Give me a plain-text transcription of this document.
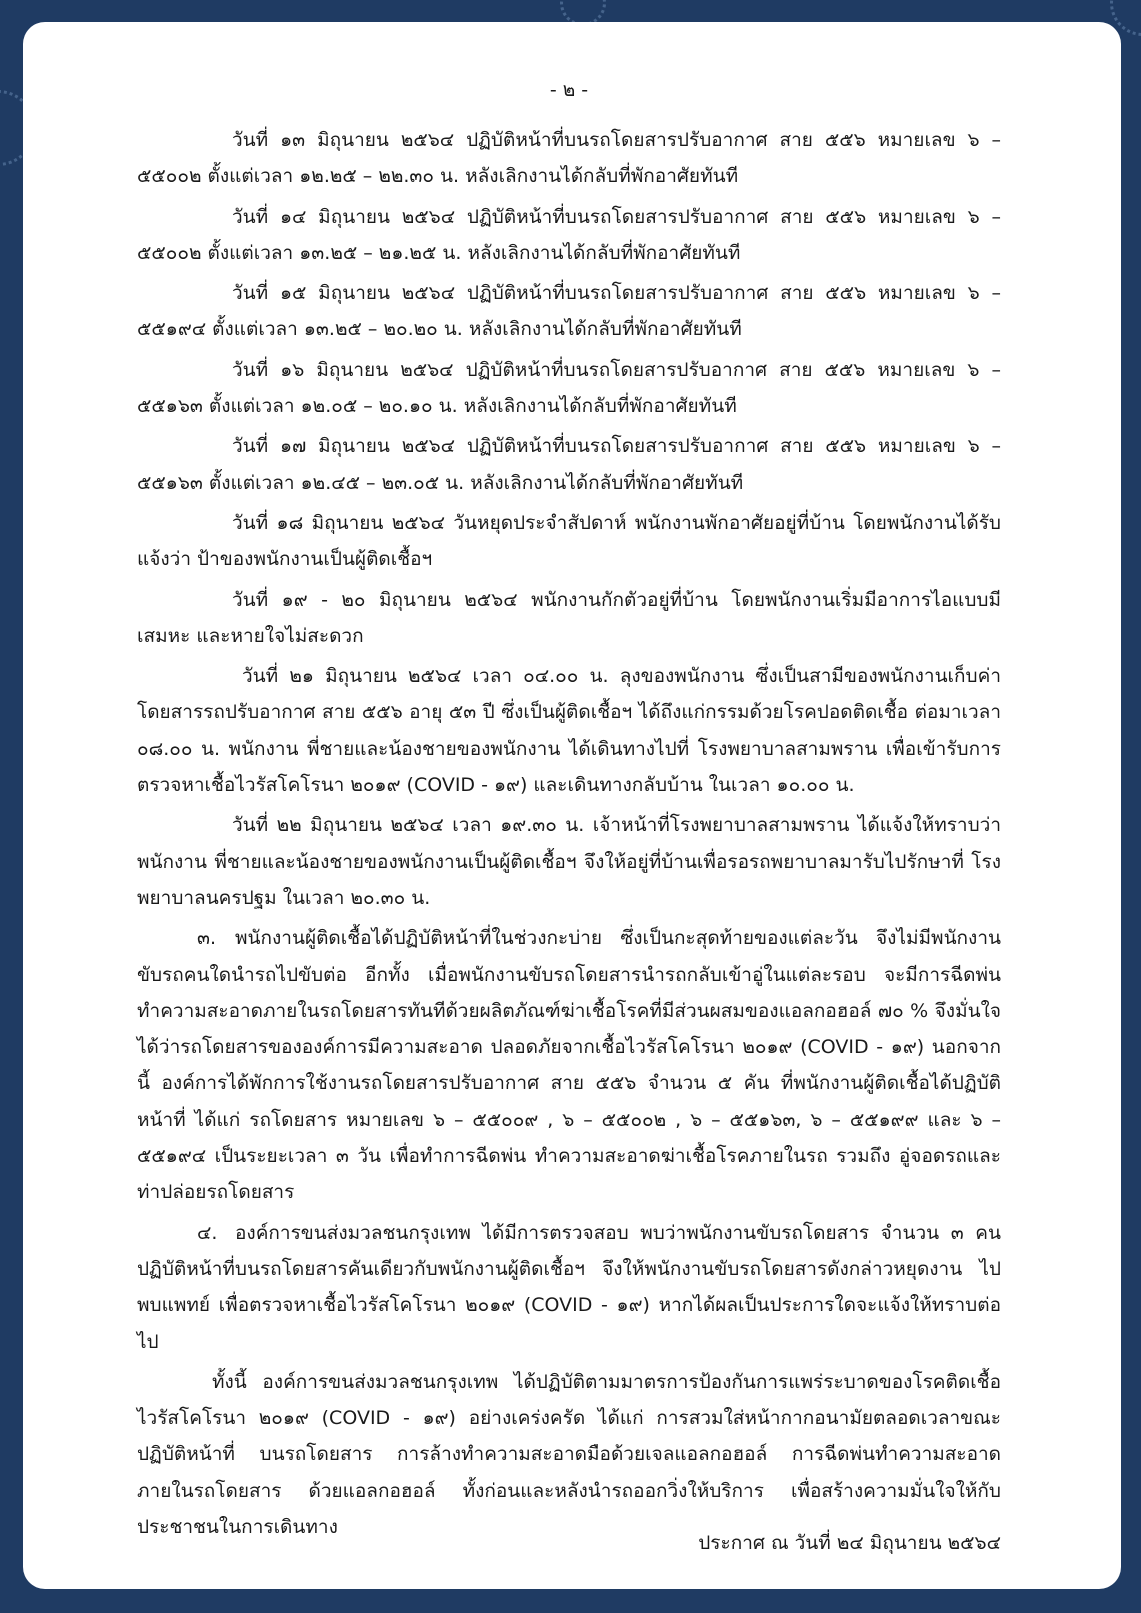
- ๒ -

วันที่ ๑๓ มิถุนายน ๒๕๖๔ ปฏิบัติหน้าที่บนรถโดยสารปรับอากาศ สาย ๕๕๖ หมายเลข ๖ – ๕๕๐๐๒ ตั้งแต่เวลา ๑๒.๒๕ – ๒๒.๓๐ น. หลังเลิกงานได้กลับที่พักอาศัยทันที

วันที่ ๑๔ มิถุนายน ๒๕๖๔ ปฏิบัติหน้าที่บนรถโดยสารปรับอากาศ สาย ๕๕๖ หมายเลข ๖ – ๕๕๐๐๒ ตั้งแต่เวลา ๑๓.๒๕ – ๒๑.๒๕ น. หลังเลิกงานได้กลับที่พักอาศัยทันที

วันที่ ๑๕ มิถุนายน ๒๕๖๔ ปฏิบัติหน้าที่บนรถโดยสารปรับอากาศ สาย ๕๕๖ หมายเลข ๖ – ๕๕๑๙๔ ตั้งแต่เวลา ๑๓.๒๕ – ๒๐.๒๐ น. หลังเลิกงานได้กลับที่พักอาศัยทันที

วันที่ ๑๖ มิถุนายน ๒๕๖๔ ปฏิบัติหน้าที่บนรถโดยสารปรับอากาศ สาย ๕๕๖ หมายเลข ๖ – ๕๕๑๖๓ ตั้งแต่เวลา ๑๒.๐๕ – ๒๐.๑๐ น. หลังเลิกงานได้กลับที่พักอาศัยทันที

วันที่ ๑๗ มิถุนายน ๒๕๖๔ ปฏิบัติหน้าที่บนรถโดยสารปรับอากาศ สาย ๕๕๖ หมายเลข ๖ – ๕๕๑๖๓ ตั้งแต่เวลา ๑๒.๔๕ – ๒๓.๐๕ น. หลังเลิกงานได้กลับที่พักอาศัยทันที

วันที่ ๑๘ มิถุนายน ๒๕๖๔ วันหยุดประจำสัปดาห์ พนักงานพักอาศัยอยู่ที่บ้าน โดยพนักงานได้รับแจ้งว่า ป้าของพนักงานเป็นผู้ติดเชื้อฯ

วันที่ ๑๙ - ๒๐ มิถุนายน ๒๕๖๔ พนักงานกักตัวอยู่ที่บ้าน โดยพนักงานเริ่มมีอาการไอแบบมีเสมหะ และหายใจไม่สะดวก

วันที่ ๒๑ มิถุนายน ๒๕๖๔ เวลา ๐๔.๐๐ น. ลุงของพนักงาน ซึ่งเป็นสามีของพนักงานเก็บค่าโดยสารรถปรับอากาศ สาย ๕๕๖ อายุ ๕๓ ปี ซึ่งเป็นผู้ติดเชื้อฯ ได้ถึงแก่กรรมด้วยโรคปอดติดเชื้อ ต่อมาเวลา ๐๘.๐๐ น. พนักงาน พี่ชายและน้องชายของพนักงาน ได้เดินทางไปที่ โรงพยาบาลสามพราน เพื่อเข้ารับการตรวจหาเชื้อไวรัสโคโรนา ๒๐๑๙ (COVID - ๑๙) และเดินทางกลับบ้าน ในเวลา ๑๐.๐๐ น.

วันที่ ๒๒ มิถุนายน ๒๕๖๔ เวลา ๑๙.๓๐ น. เจ้าหน้าที่โรงพยาบาลสามพราน ได้แจ้งให้ทราบว่า พนักงาน พี่ชายและน้องชายของพนักงานเป็นผู้ติดเชื้อฯ จึงให้อยู่ที่บ้านเพื่อรอรถพยาบาลมารับไปรักษาที่ โรงพยาบาลนครปฐม ในเวลา ๒๐.๓๐ น.

๓. พนักงานผู้ติดเชื้อได้ปฏิบัติหน้าที่ในช่วงกะบ่าย ซึ่งเป็นกะสุดท้ายของแต่ละวัน จึงไม่มีพนักงานขับรถคนใดนำรถไปขับต่อ อีกทั้ง เมื่อพนักงานขับรถโดยสารนำรถกลับเข้าอู่ในแต่ละรอบ จะมีการฉีดพ่นทำความสะอาดภายในรถโดยสารทันทีด้วยผลิตภัณฑ์ฆ่าเชื้อโรคที่มีส่วนผสมของแอลกอฮอล์ ๗๐ % จึงมั่นใจได้ว่ารถโดยสารขององค์การมีความสะอาด ปลอดภัยจากเชื้อไวรัสโคโรนา ๒๐๑๙ (COVID - ๑๙) นอกจากนี้ องค์การได้พักการใช้งานรถโดยสารปรับอากาศ สาย ๕๕๖ จำนวน ๕ คัน ที่พนักงานผู้ติดเชื้อได้ปฏิบัติหน้าที่ ได้แก่ รถโดยสาร หมายเลข ๖ – ๕๕๐๐๙ , ๖ – ๕๕๐๐๒ , ๖ – ๕๕๑๖๓, ๖ – ๕๕๑๙๙ และ ๖ – ๕๕๑๙๔ เป็นระยะเวลา ๓ วัน เพื่อทำการฉีดพ่น ทำความสะอาดฆ่าเชื้อโรคภายในรถ รวมถึง อู่จอดรถและท่าปล่อยรถโดยสาร

๔. องค์การขนส่งมวลชนกรุงเทพ ได้มีการตรวจสอบ พบว่าพนักงานขับรถโดยสาร จำนวน ๓ คน ปฏิบัติหน้าที่บนรถโดยสารคันเดียวกับพนักงานผู้ติดเชื้อฯ จึงให้พนักงานขับรถโดยสารดังกล่าวหยุดงาน ไปพบแพทย์ เพื่อตรวจหาเชื้อไวรัสโคโรนา ๒๐๑๙ (COVID - ๑๙) หากได้ผลเป็นประการใดจะแจ้งให้ทราบต่อไป

ทั้งนี้ องค์การขนส่งมวลชนกรุงเทพ ได้ปฏิบัติตามมาตรการป้องกันการแพร่ระบาดของโรคติดเชื้อไวรัสโคโรนา ๒๐๑๙ (COVID - ๑๙) อย่างเคร่งครัด ได้แก่ การสวมใส่หน้ากากอนามัยตลอดเวลาขณะปฏิบัติหน้าที่ บนรถโดยสาร การล้างทำความสะอาดมือด้วยเจลแอลกอฮอล์ การฉีดพ่นทำความสะอาดภายในรถโดยสาร ด้วยแอลกอฮอล์ ทั้งก่อนและหลังนำรถออกวิ่งให้บริการ เพื่อสร้างความมั่นใจให้กับประชาชนในการเดินทาง

ประกาศ ณ วันที่ ๒๔ มิถุนายน ๒๕๖๔
